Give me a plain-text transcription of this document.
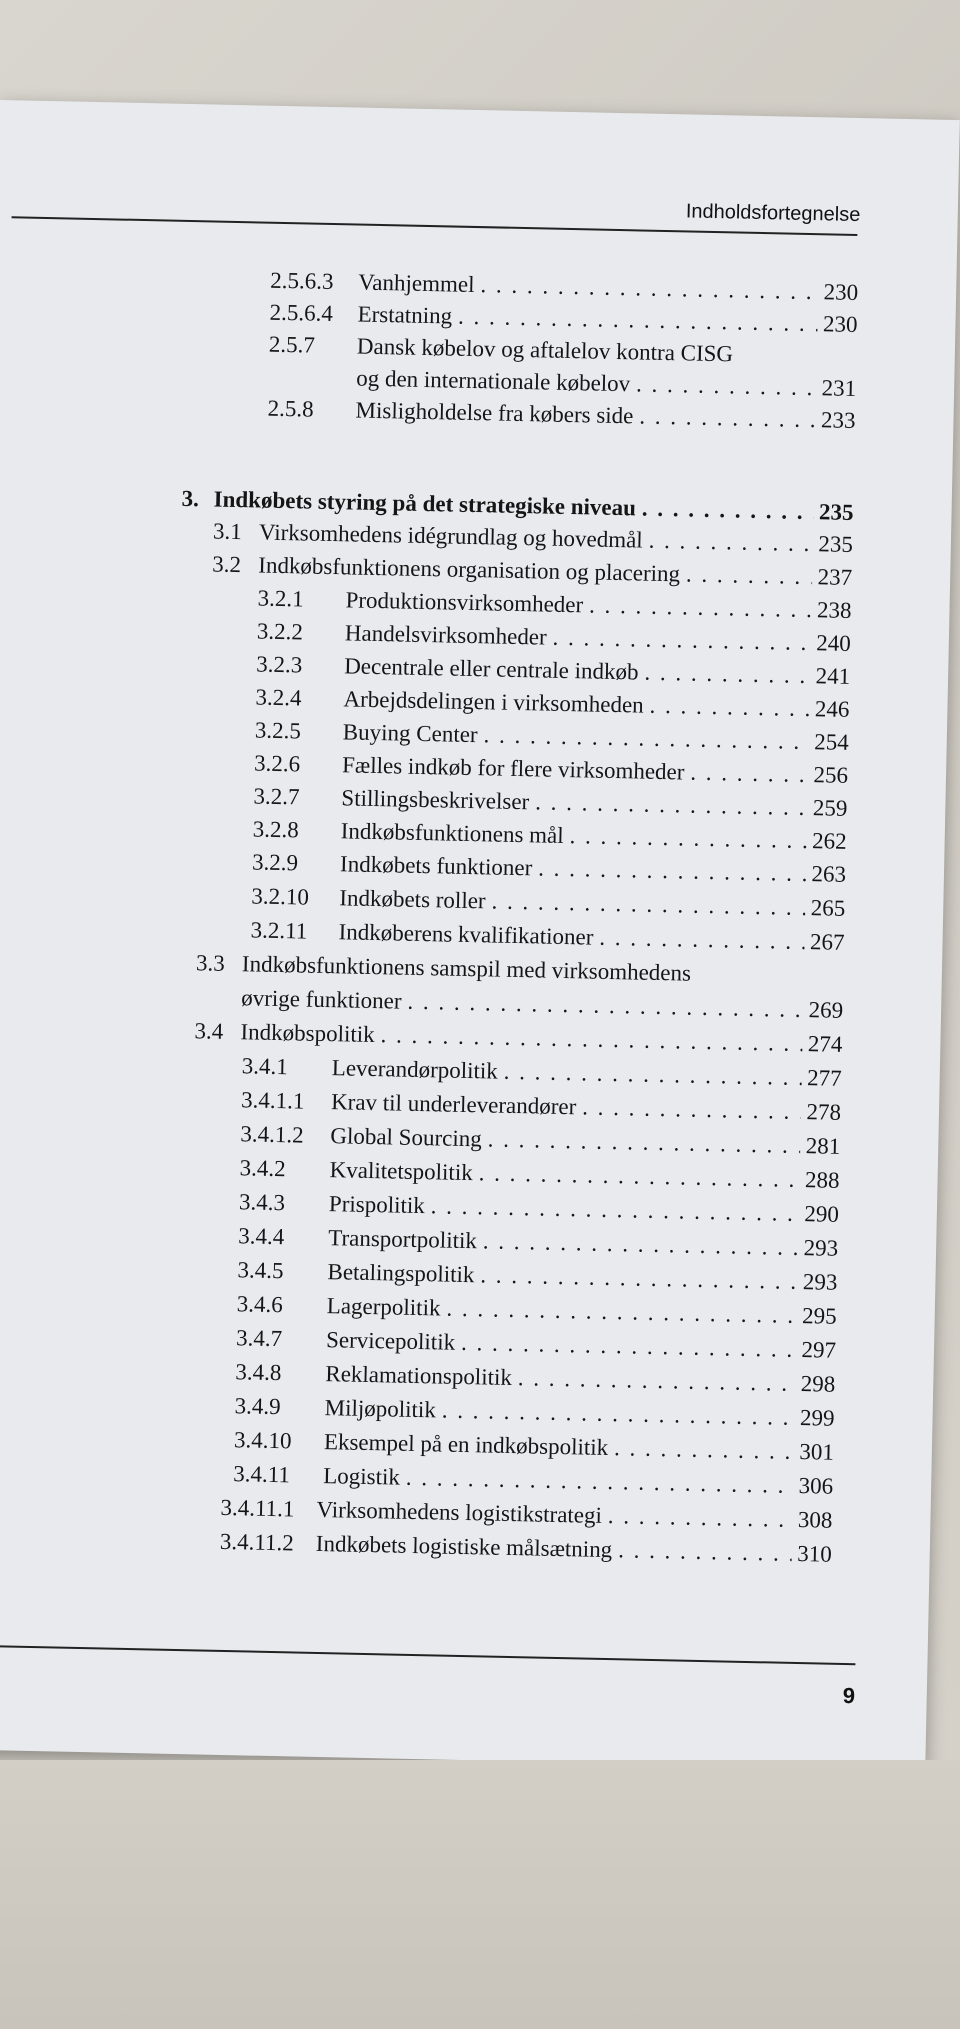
Indholdsfortegnelse
2.5.6.3	Vanhjemmel . . .	230
2.5.6.4	Erstatning . . .	230
2.5.7	Dansk købelov og aftalelov kontra CISG
og den internationale købelov . . .	231
2.5.8	Misligholdelse fra købers side . . .	233
3. Indkøbets styring på det strategiske niveau . . .	235
3.1 Virksomhedens idégrundlag og hovedmål . . .	235
3.2 Indkøbsfunktionens organisation og placering . . .	237
3.2.1	Produktionsvirksomheder . . .	238
3.2.2	Handelsvirksomheder . . .	240
3.2.3	Decentrale eller centrale indkøb . . .	241
3.2.4	Arbejdsdelingen i virksomheden . . .	246
3.2.5	Buying Center . . .	254
3.2.6	Fælles indkøb for flere virksomheder . . .	256
3.2.7	Stillingsbeskrivelser . . .	259
3.2.8	Indkøbsfunktionens mål . . .	262
3.2.9	Indkøbets funktioner . . .	263
3.2.10	Indkøbets roller . . .	265
3.2.11	Indkøberens kvalifikationer . . .	267
3.3 Indkøbsfunktionens samspil med virksomhedens
øvrige funktioner . . .	269
3.4 Indkøbspolitik . . .	274
3.4.1	Leverandørpolitik . . .	277
3.4.1.1	Krav til underleverandører . . .	278
3.4.1.2	Global Sourcing . . .	281
3.4.2	Kvalitetspolitik . . .	288
3.4.3	Prispolitik . . .	290
3.4.4	Transportpolitik . . .	293
3.4.5	Betalingspolitik . . .	293
3.4.6	Lagerpolitik . . .	295
3.4.7	Servicepolitik . . .	297
3.4.8	Reklamationspolitik . . .	298
3.4.9	Miljøpolitik . . .	299
3.4.10	Eksempel på en indkøbspolitik . . .	301
3.4.11	Logistik . . .	306
3.4.11.1 Virksomhedens logistikstrategi . . .	308
3.4.11.2 Indkøbets logistiske målsætning . . .	310
9
